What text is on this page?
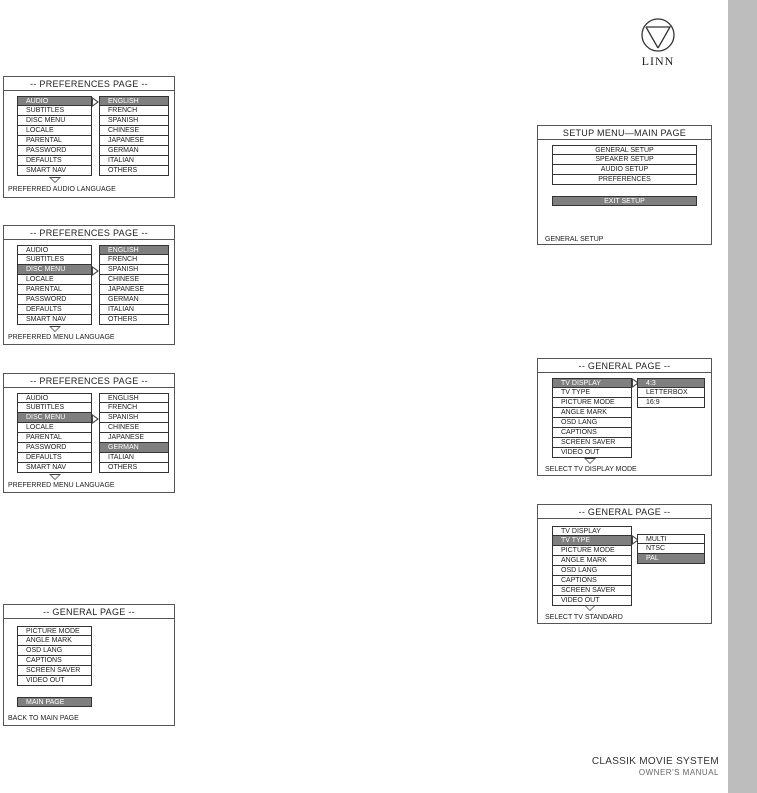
LINN
CLASSIK MOVIE SYSTEM
OWNER'S MANUAL
-- PREFERENCES PAGE --
AUDIO
SUBTITLES
DISC MENU
LOCALE
PARENTAL
PASSWORD
DEFAULTS
SMART NAV
ENGLISH
FRENCH
SPANISH
CHINESE
JAPANESE
GERMAN
ITALIAN
OTHERS
PREFERRED AUDIO LANGUAGE
-- PREFERENCES PAGE --
AUDIO
SUBTITLES
DISC MENU
LOCALE
PARENTAL
PASSWORD
DEFAULTS
SMART NAV
ENGLISH
FRENCH
SPANISH
CHINESE
JAPANESE
GERMAN
ITALIAN
OTHERS
PREFERRED MENU LANGUAGE
-- PREFERENCES PAGE --
AUDIO
SUBTITLES
DISC MENU
LOCALE
PARENTAL
PASSWORD
DEFAULTS
SMART NAV
ENGLISH
FRENCH
SPANISH
CHINESE
JAPANESE
GERMAN
ITALIAN
OTHERS
PREFERRED MENU LANGUAGE
-- GENERAL PAGE --
PICTURE MODE
ANGLE MARK
OSD LANG
CAPTIONS
SCREEN SAVER
VIDEO OUT
MAIN PAGE
BACK TO MAIN PAGE
SETUP MENU—MAIN PAGE
GENERAL SETUP
SPEAKER SETUP
AUDIO SETUP
PREFERENCES
EXIT SETUP
GENERAL SETUP
-- GENERAL PAGE --
TV DISPLAY
TV TYPE
PICTURE MODE
ANGLE MARK
OSD LANG
CAPTIONS
SCREEN SAVER
VIDEO OUT
4:3
LETTERBOX
16:9
SELECT TV DISPLAY MODE
-- GENERAL PAGE --
TV DISPLAY
TV TYPE
PICTURE MODE
ANGLE MARK
OSD LANG
CAPTIONS
SCREEN SAVER
VIDEO OUT
MULTI
NTSC
PAL
SELECT TV STANDARD
